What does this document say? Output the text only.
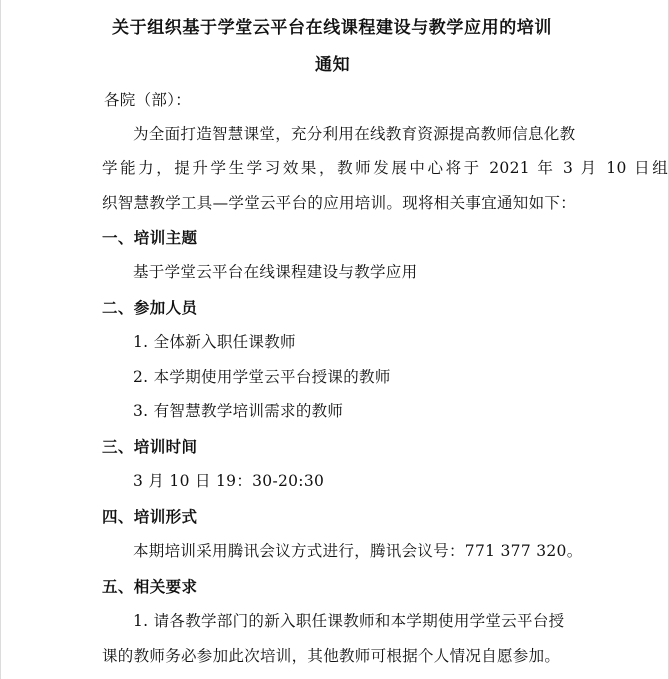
关于组织基于学堂云平台在线课程建设与教学应用的培训
通知
各院（部）：
为全面打造智慧课堂，充分利用在线教育资源提高教师信息化教
学能力，提升学生学习效果，教师发展中心将于 2021 年 3 月 10 日组
织智慧教学工具—学堂云平台的应用培训。现将相关事宜通知如下：
一、培训主题
基于学堂云平台在线课程建设与教学应用
二、参加人员
1. 全体新入职任课教师
2. 本学期使用学堂云平台授课的教师
3. 有智慧教学培训需求的教师
三、培训时间
3 月 10 日 19：30-20:30
四、培训形式
本期培训采用腾讯会议方式进行，腾讯会议号：771 377 320。
五、相关要求
1. 请各教学部门的新入职任课教师和本学期使用学堂云平台授
课的教师务必参加此次培训，其他教师可根据个人情况自愿参加。
